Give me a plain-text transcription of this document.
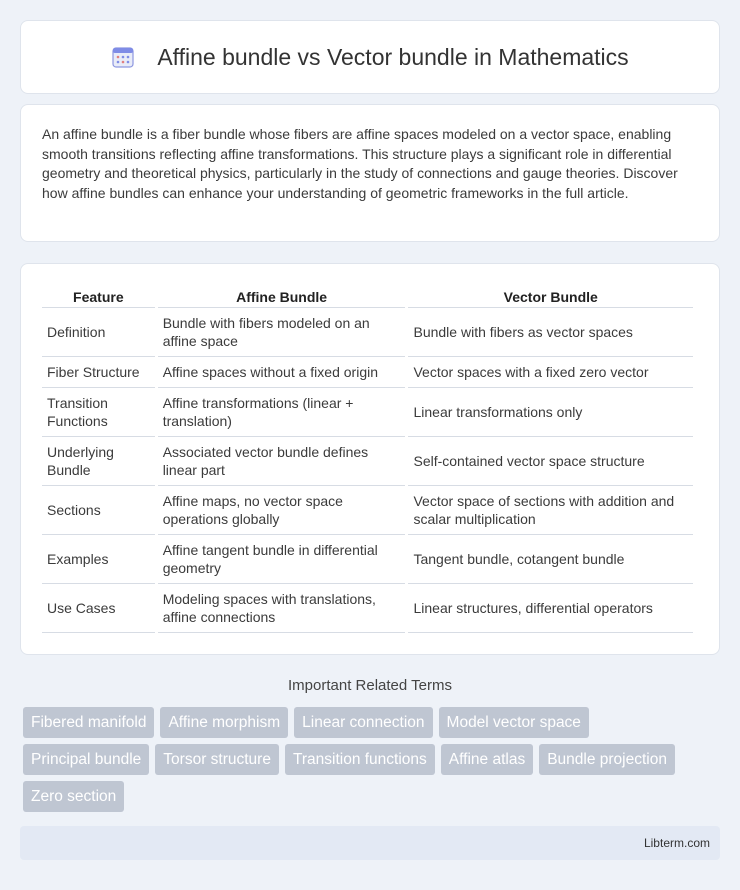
Affine bundle vs Vector bundle in Mathematics

An affine bundle is a fiber bundle whose fibers are affine spaces modeled on a vector space, enabling smooth transitions reflecting affine transformations. This structure plays a significant role in differential geometry and theoretical physics, particularly in the study of connections and gauge theories. Discover how affine bundles can enhance your understanding of geometric frameworks in the full article.

Feature	Affine Bundle	Vector Bundle
Definition	Bundle with fibers modeled on an affine space	Bundle with fibers as vector spaces
Fiber Structure	Affine spaces without a fixed origin	Vector spaces with a fixed zero vector
Transition Functions	Affine transformations (linear + translation)	Linear transformations only
Underlying Bundle	Associated vector bundle defines linear part	Self-contained vector space structure
Sections	Affine maps, no vector space operations globally	Vector space of sections with addition and scalar multiplication
Examples	Affine tangent bundle in differential geometry	Tangent bundle, cotangent bundle
Use Cases	Modeling spaces with translations, affine connections	Linear structures, differential operators
Important Related Terms
Fibered manifold	Affine morphism	Linear connection	Model vector space
Principal bundle	Torsor structure	Transition functions	Affine atlas	Bundle projection
Zero section
Libterm.com
